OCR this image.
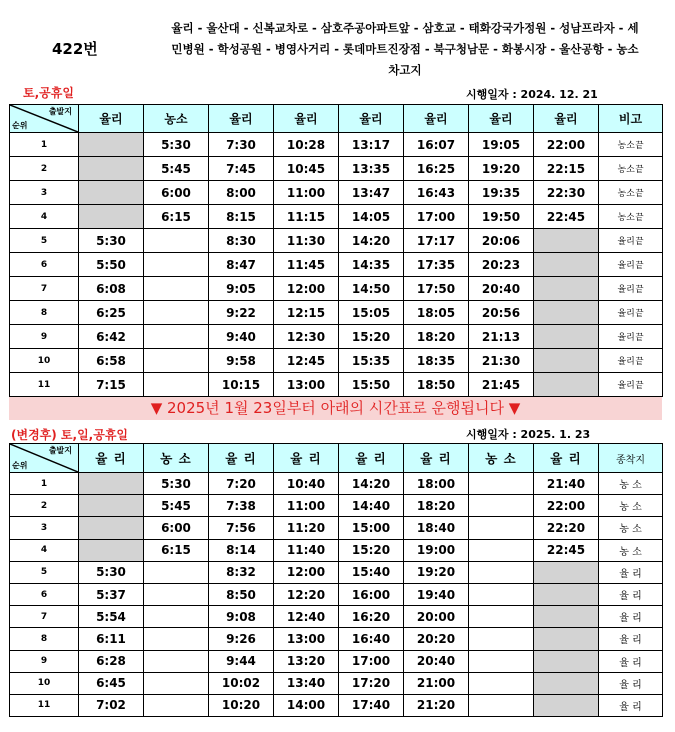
422번
율리 - 울산대 - 신복교차로 - 삼호주공아파트앞 - 삼호교 - 태화강국가정원 - 성남프라자 - 세민병원 - 학성공원 - 병영사거리 - 롯데마트진장점 - 북구청남문 - 화봉시장 - 울산공항 - 농소차고지
토,공휴일	시행일자 : 2024. 12. 21
출발지
순위	율리	농소	율리	율리	율리	율리	율리	율리	비고
1		5:30	7:30	10:28	13:17	16:07	19:05	22:00	농소끝
2		5:45	7:45	10:45	13:35	16:25	19:20	22:15	농소끝
3		6:00	8:00	11:00	13:47	16:43	19:35	22:30	농소끝
4		6:15	8:15	11:15	14:05	17:00	19:50	22:45	농소끝
5	5:30		8:30	11:30	14:20	17:17	20:06		율리끝
6	5:50		8:47	11:45	14:35	17:35	20:23		율리끝
7	6:08		9:05	12:00	14:50	17:50	20:40		율리끝
8	6:25		9:22	12:15	15:05	18:05	20:56		율리끝
9	6:42		9:40	12:30	15:20	18:20	21:13		율리끝
10	6:58		9:58	12:45	15:35	18:35	21:30		율리끝
11	7:15		10:15	13:00	15:50	18:50	21:45		율리끝
▼ 2025년 1월 23일부터 아래의 시간표로 운행됩니다 ▼
(변경후) 토,일,공휴일	시행일자 : 2025. 1. 23
출발지
순위	율 리	농 소	율 리	율 리	율 리	율 리	농 소	율 리	종착지
1		5:30	7:20	10:40	14:20	18:00		21:40	농 소
2		5:45	7:38	11:00	14:40	18:20		22:00	농 소
3		6:00	7:56	11:20	15:00	18:40		22:20	농 소
4		6:15	8:14	11:40	15:20	19:00		22:45	농 소
5	5:30		8:32	12:00	15:40	19:20			율 리
6	5:37		8:50	12:20	16:00	19:40			율 리
7	5:54		9:08	12:40	16:20	20:00			율 리
8	6:11		9:26	13:00	16:40	20:20			율 리
9	6:28		9:44	13:20	17:00	20:40			율 리
10	6:45		10:02	13:40	17:20	21:00			율 리
11	7:02		10:20	14:00	17:40	21:20			율 리
